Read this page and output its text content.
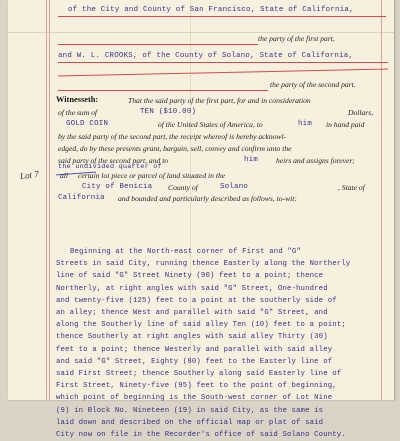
of the City and County of San Francisco, State of California,
the party of the first part,
and W. L. CROOKS, of the County of Solano, State of California,
the party of the second part.
Witnesseth:	That the said party of the first part, for and in consideration
of the sum of	TEN ($10.00)	Dollars,
GOLD COIN	of the United States of America, to	him in hand paid
by the said party of the second part, the receipt whereof is hereby acknowl-
edged, do by these presents grant, bargain, sell, convey and confirm unto the
said party of the second part, and to	him heirs and assigns forever;
the undivided quarter of
all certain lot piece or parcel of land situated in the
City of Benicia County of	Solano	, State of
California and bounded and particularly described as follows, to-wit:
Lot 7
Beginning at the North-east corner of First and "G"
Streets in said City, running thence Easterly along the Northerly
line of said "G" Street Ninety (90) feet to a point; thence
Northerly, at right angles with said "G" Street, One-hundred
and twenty-five (125) feet to a point at the southerly side of
an alley; thence West and parallel with said "G" Street, and
along the Southerly line of said alley Ten (10) feet to a point;
thence Southerly at right angles with said alley Thirty (30)
feet to a point; thence Westerly and parallel with said alley
and said "G" Street, Eighty (80) feet to the Easterly line of
said First Street; thence Southerly along said Easterly line of
First Street, Ninety-five (95) feet to the point of beginning,
which point of beginning is the South-west corner of Lot Nine
(9) in Block No. Nineteen (19) in said City, as the same is
laid down and described on the official map or plat of said
City now on file in the Recorder's office of said Solano County.
